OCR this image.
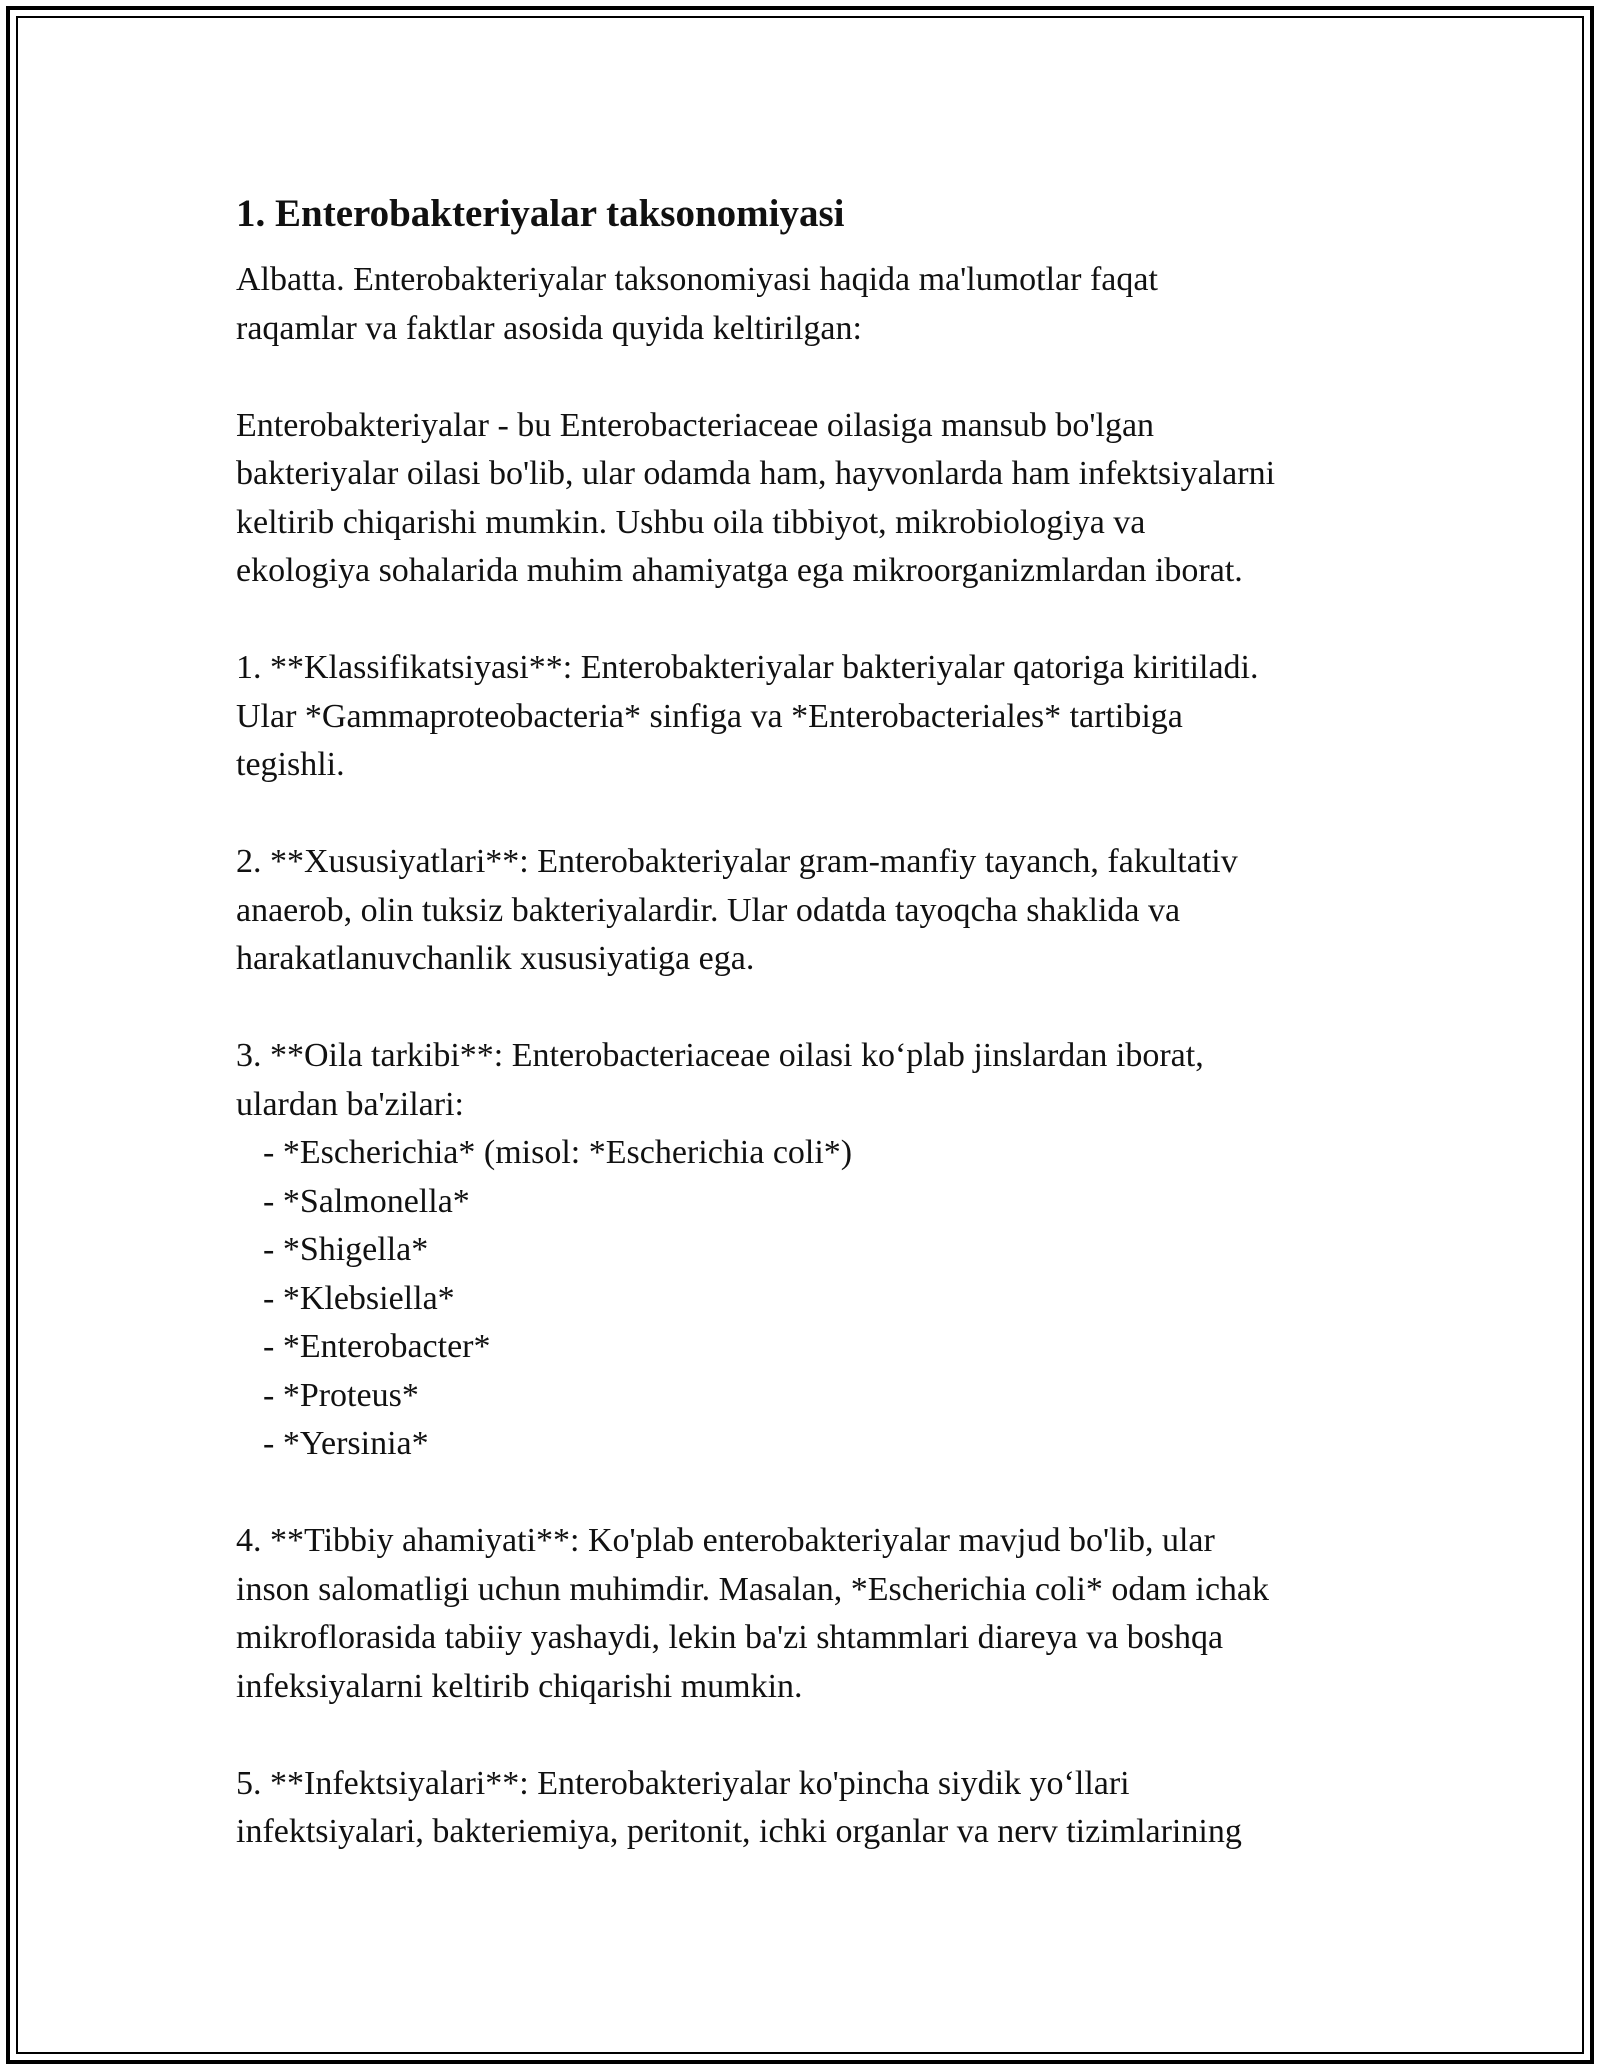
1. Enterobakteriyalar taksonomiyasi
Albatta. Enterobakteriyalar taksonomiyasi haqida ma'lumotlar faqat
raqamlar va faktlar asosida quyida keltirilgan:
Enterobakteriyalar - bu Enterobacteriaceae oilasiga mansub bo'lgan
bakteriyalar oilasi bo'lib, ular odamda ham, hayvonlarda ham infektsiyalarni
keltirib chiqarishi mumkin. Ushbu oila tibbiyot, mikrobiologiya va
ekologiya sohalarida muhim ahamiyatga ega mikroorganizmlardan iborat.
1. **Klassifikatsiyasi**: Enterobakteriyalar bakteriyalar qatoriga kiritiladi.
Ular *Gammaproteobacteria* sinfiga va *Enterobacteriales* tartibiga
tegishli.
2. **Xususiyatlari**: Enterobakteriyalar gram-manfiy tayanch, fakultativ
anaerob, olin tuksiz bakteriyalardir. Ular odatda tayoqcha shaklida va
harakatlanuvchanlik xususiyatiga ega.
3. **Oila tarkibi**: Enterobacteriaceae oilasi ko‘plab jinslardan iborat,
ulardan ba'zilari:
- *Escherichia* (misol: *Escherichia coli*)
- *Salmonella*
- *Shigella*
- *Klebsiella*
- *Enterobacter*
- *Proteus*
- *Yersinia*
4. **Tibbiy ahamiyati**: Ko'plab enterobakteriyalar mavjud bo'lib, ular
inson salomatligi uchun muhimdir. Masalan, *Escherichia coli* odam ichak
mikroflorasida tabiiy yashaydi, lekin ba'zi shtammlari diareya va boshqa
infeksiyalarni keltirib chiqarishi mumkin.
5. **Infektsiyalari**: Enterobakteriyalar ko'pincha siydik yo‘llari
infektsiyalari, bakteriemiya, peritonit, ichki organlar va nerv tizimlarining
